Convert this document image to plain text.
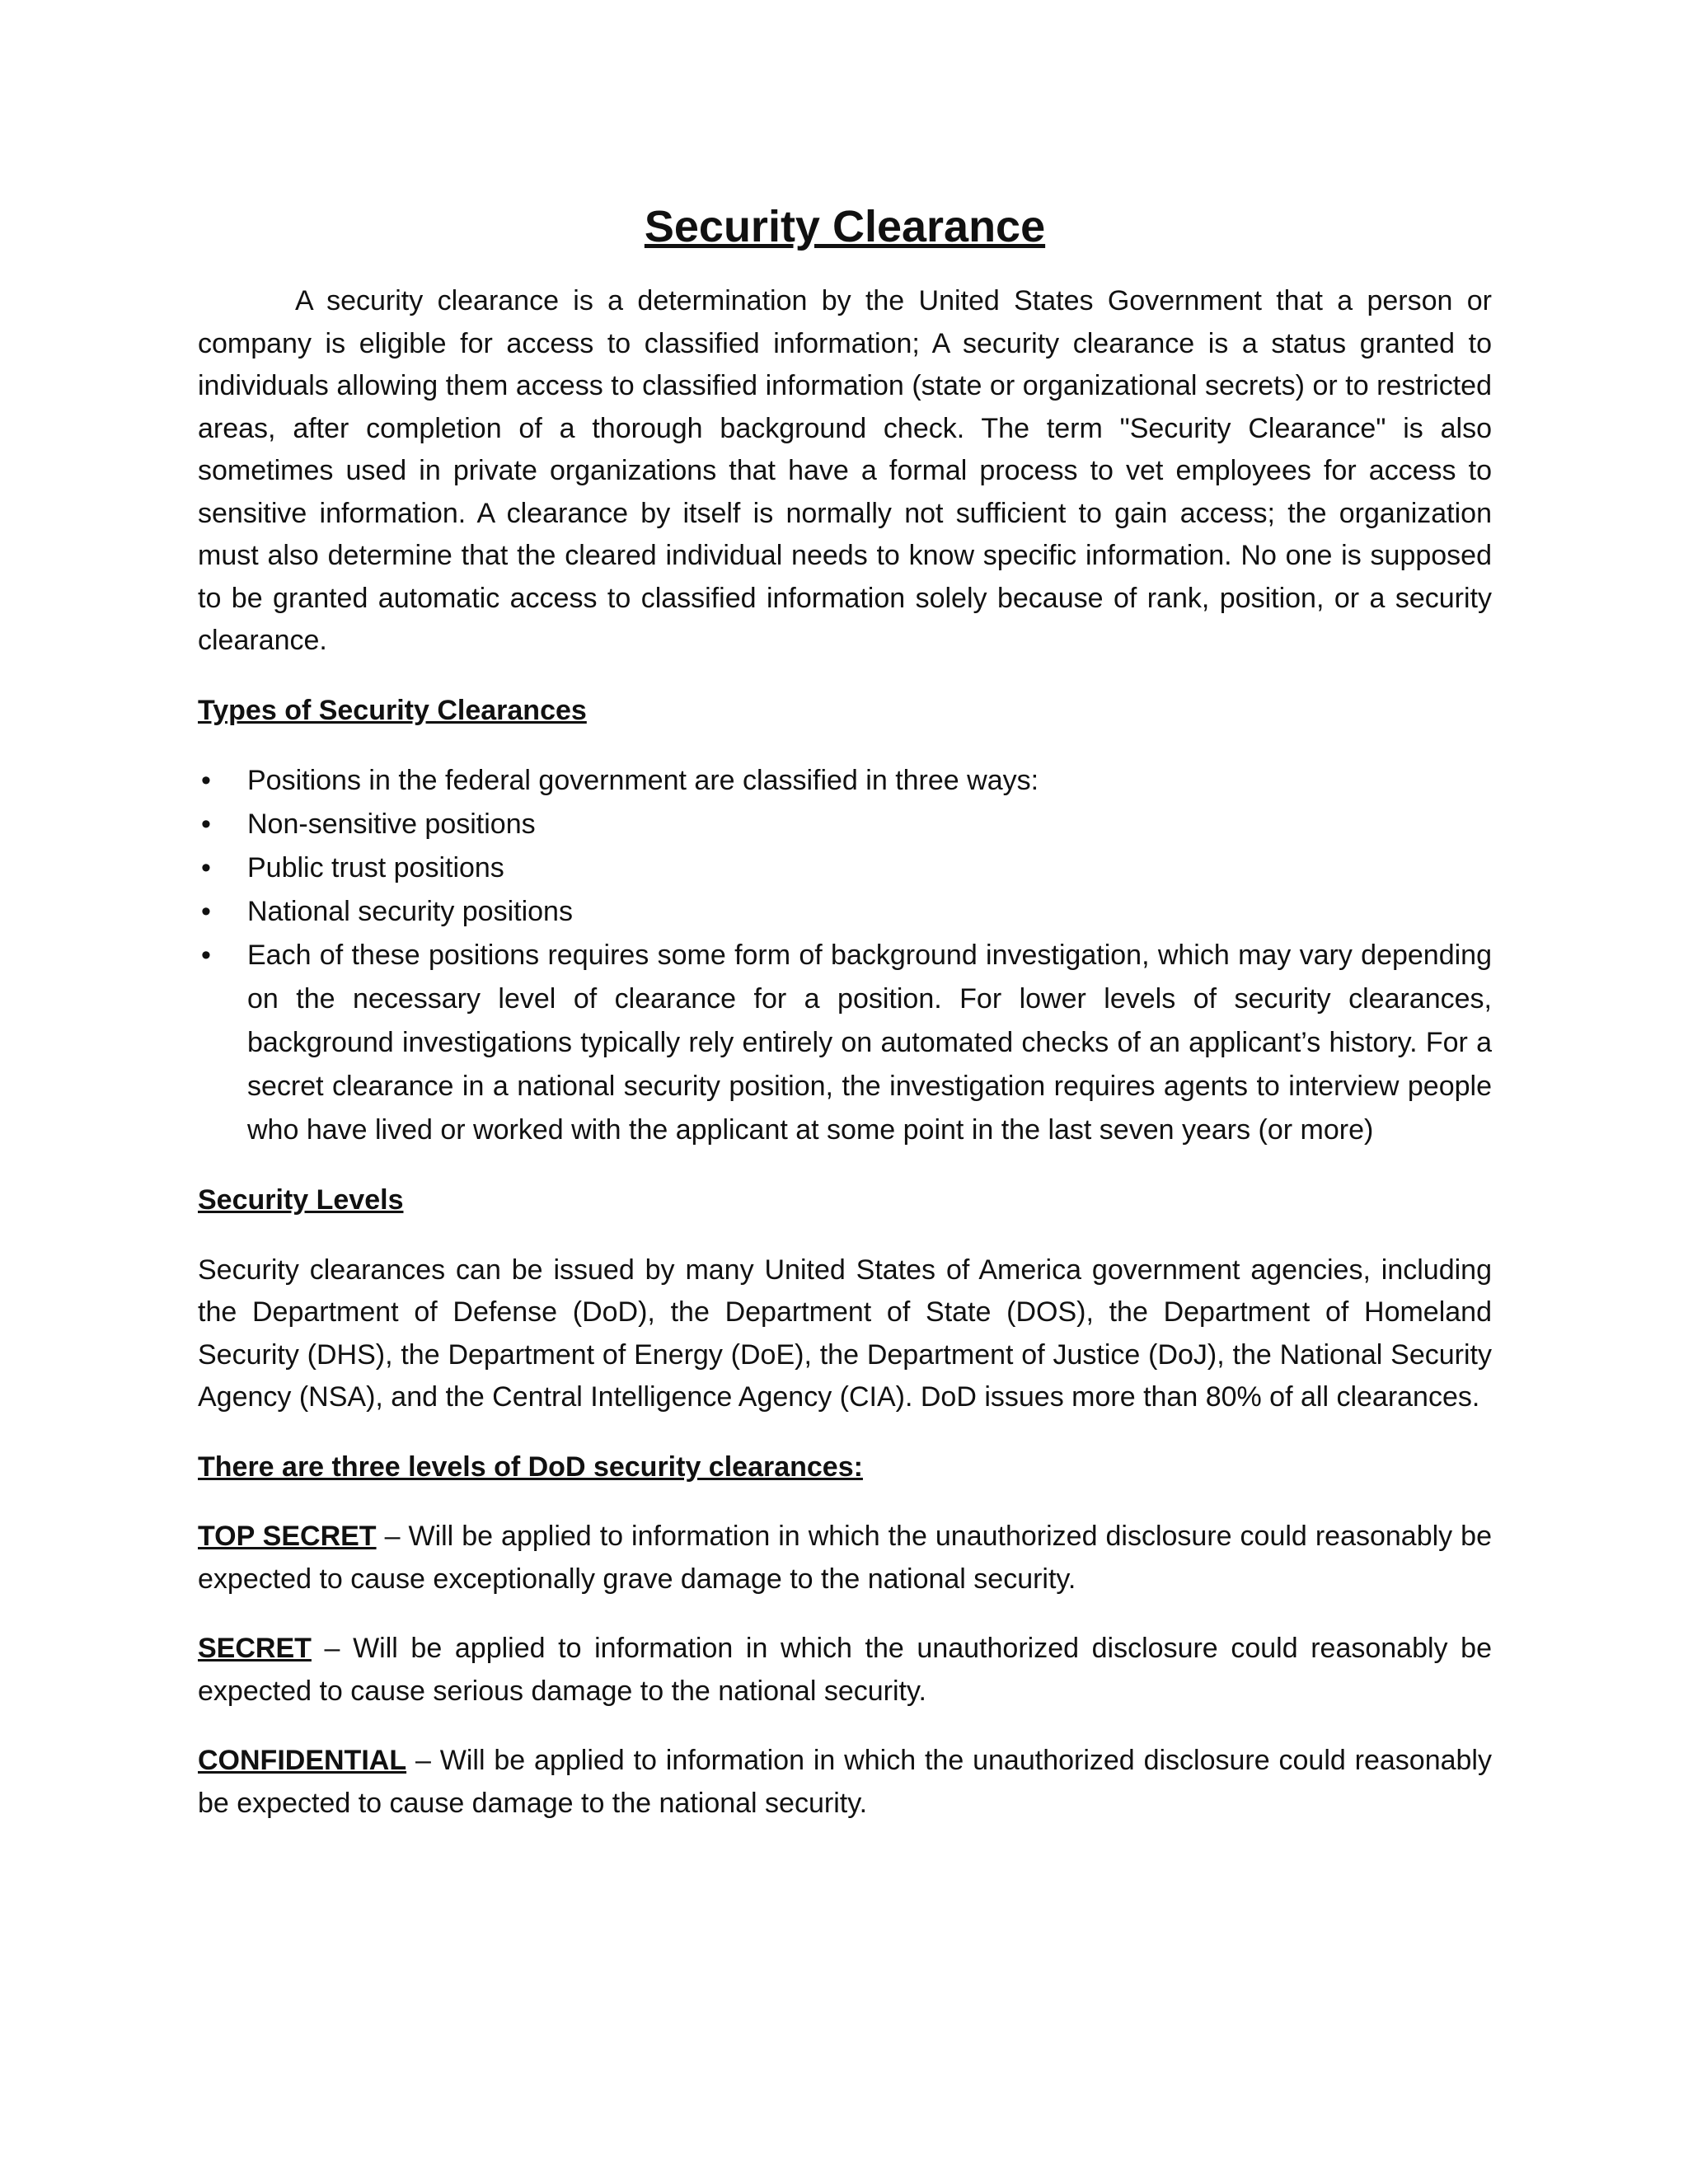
Security Clearance

A security clearance is a determination by the United States Government that a person or company is eligible for access to classified information; A security clearance is a status granted to individuals allowing them access to classified information (state or organizational secrets) or to restricted areas, after completion of a thorough background check. The term "Security Clearance" is also sometimes used in private organizations that have a formal process to vet employees for access to sensitive information. A clearance by itself is normally not sufficient to gain access; the organization must also determine that the cleared individual needs to know specific information. No one is supposed to be granted automatic access to classified information solely because of rank, position, or a security clearance.

Types of Security Clearances
•	Positions in the federal government are classified in three ways:
•	Non-sensitive positions
•	Public trust positions
•	National security positions
•	Each of these positions requires some form of background investigation, which may vary depending on the necessary level of clearance for a position. For lower levels of security clearances, background investigations typically rely entirely on automated checks of an applicant’s history. For a secret clearance in a national security position, the investigation requires agents to interview people who have lived or worked with the applicant at some point in the last seven years (or more)
Security Levels

Security clearances can be issued by many United States of America government agencies, including the Department of Defense (DoD), the Department of State (DOS), the Department of Homeland Security (DHS), the Department of Energy (DoE), the Department of Justice (DoJ), the National Security Agency (NSA), and the Central Intelligence Agency (CIA). DoD issues more than 80% of all clearances.

There are three levels of DoD security clearances:

TOP SECRET – Will be applied to information in which the unauthorized disclosure could reasonably be expected to cause exceptionally grave damage to the national security.

SECRET – Will be applied to information in which the unauthorized disclosure could reasonably be expected to cause serious damage to the national security.

CONFIDENTIAL – Will be applied to information in which the unauthorized disclosure could reasonably be expected to cause damage to the national security.
